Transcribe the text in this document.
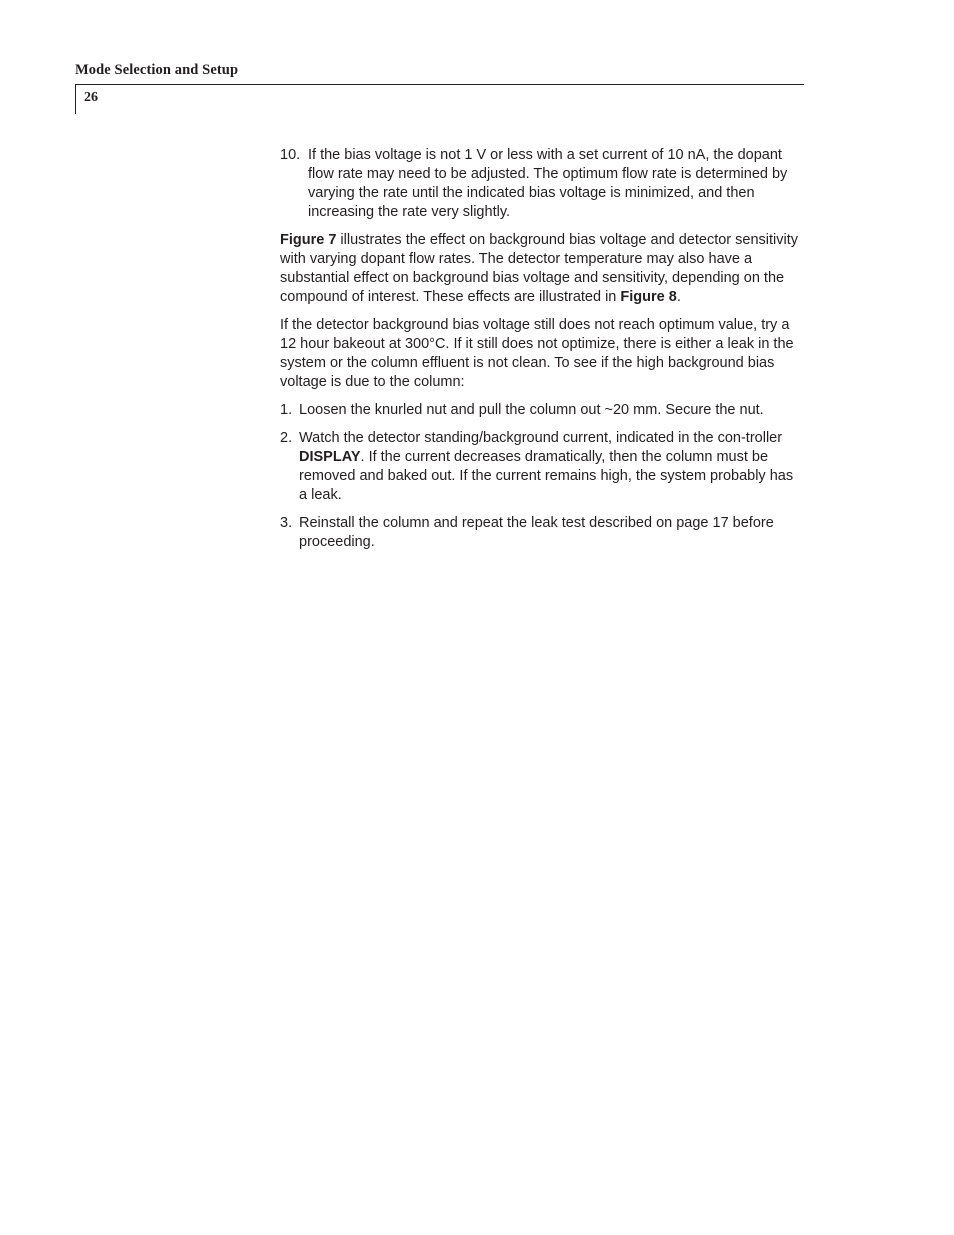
Mode Selection and Setup
26
10. If the bias voltage is not 1 V or less with a set current of 10 nA, the dopant flow rate may need to be adjusted. The optimum flow rate is determined by varying the rate until the indicated bias voltage is minimized, and then increasing the rate very slightly.

Figure 7 illustrates the effect on background bias voltage and detector sensitivity with varying dopant flow rates. The detector temperature may also have a substantial effect on background bias voltage and sensitivity, depending on the compound of interest. These effects are illustrated in Figure 8.

If the detector background bias voltage still does not reach optimum value, try a 12 hour bakeout at 300°C. If it still does not optimize, there is either a leak in the system or the column effluent is not clean. To see if the high background bias voltage is due to the column:

1. Loosen the knurled nut and pull the column out ~20 mm. Secure the nut.
2. Watch the detector standing/background current, indicated in the con-troller DISPLAY. If the current decreases dramatically, then the column must be removed and baked out. If the current remains high, the system probably has a leak.
3. Reinstall the column and repeat the leak test described on page 17 before proceeding.
